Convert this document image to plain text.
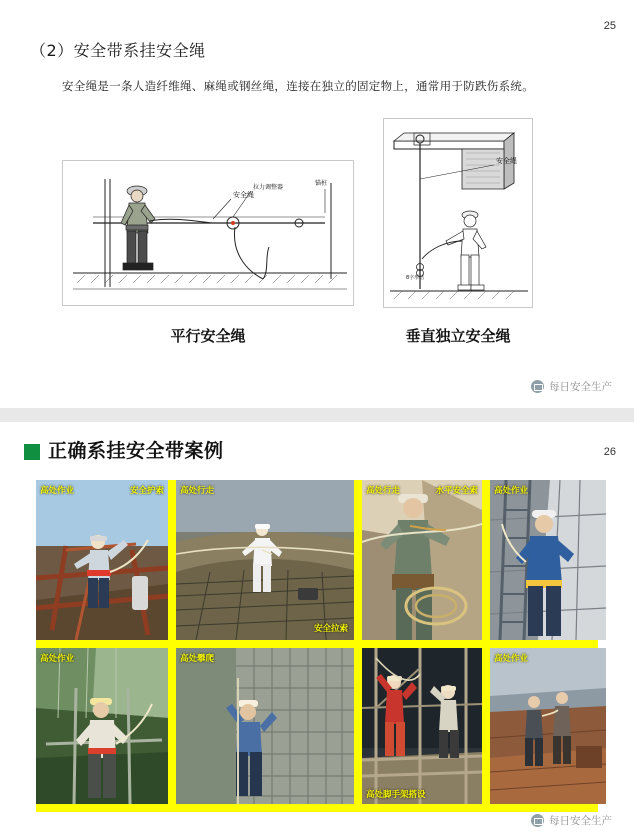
25
（2）安全带系挂安全绳
安全绳是一条人造纤维绳、麻绳或钢丝绳，连接在独立的固定物上，通常用于防跌伤系统。
安全绳
拉力调整器
锚桩
安全绳
8字形结
平行安全绳	垂直独立安全绳
每日安全生产
正确系挂安全带案例	26
高处作业	安全护索 高处行走
安全拉索
高处行走	水平安全索 高处作业
高处作业	高处攀爬
高处脚手架搭设
高处作业
每日安全生产
